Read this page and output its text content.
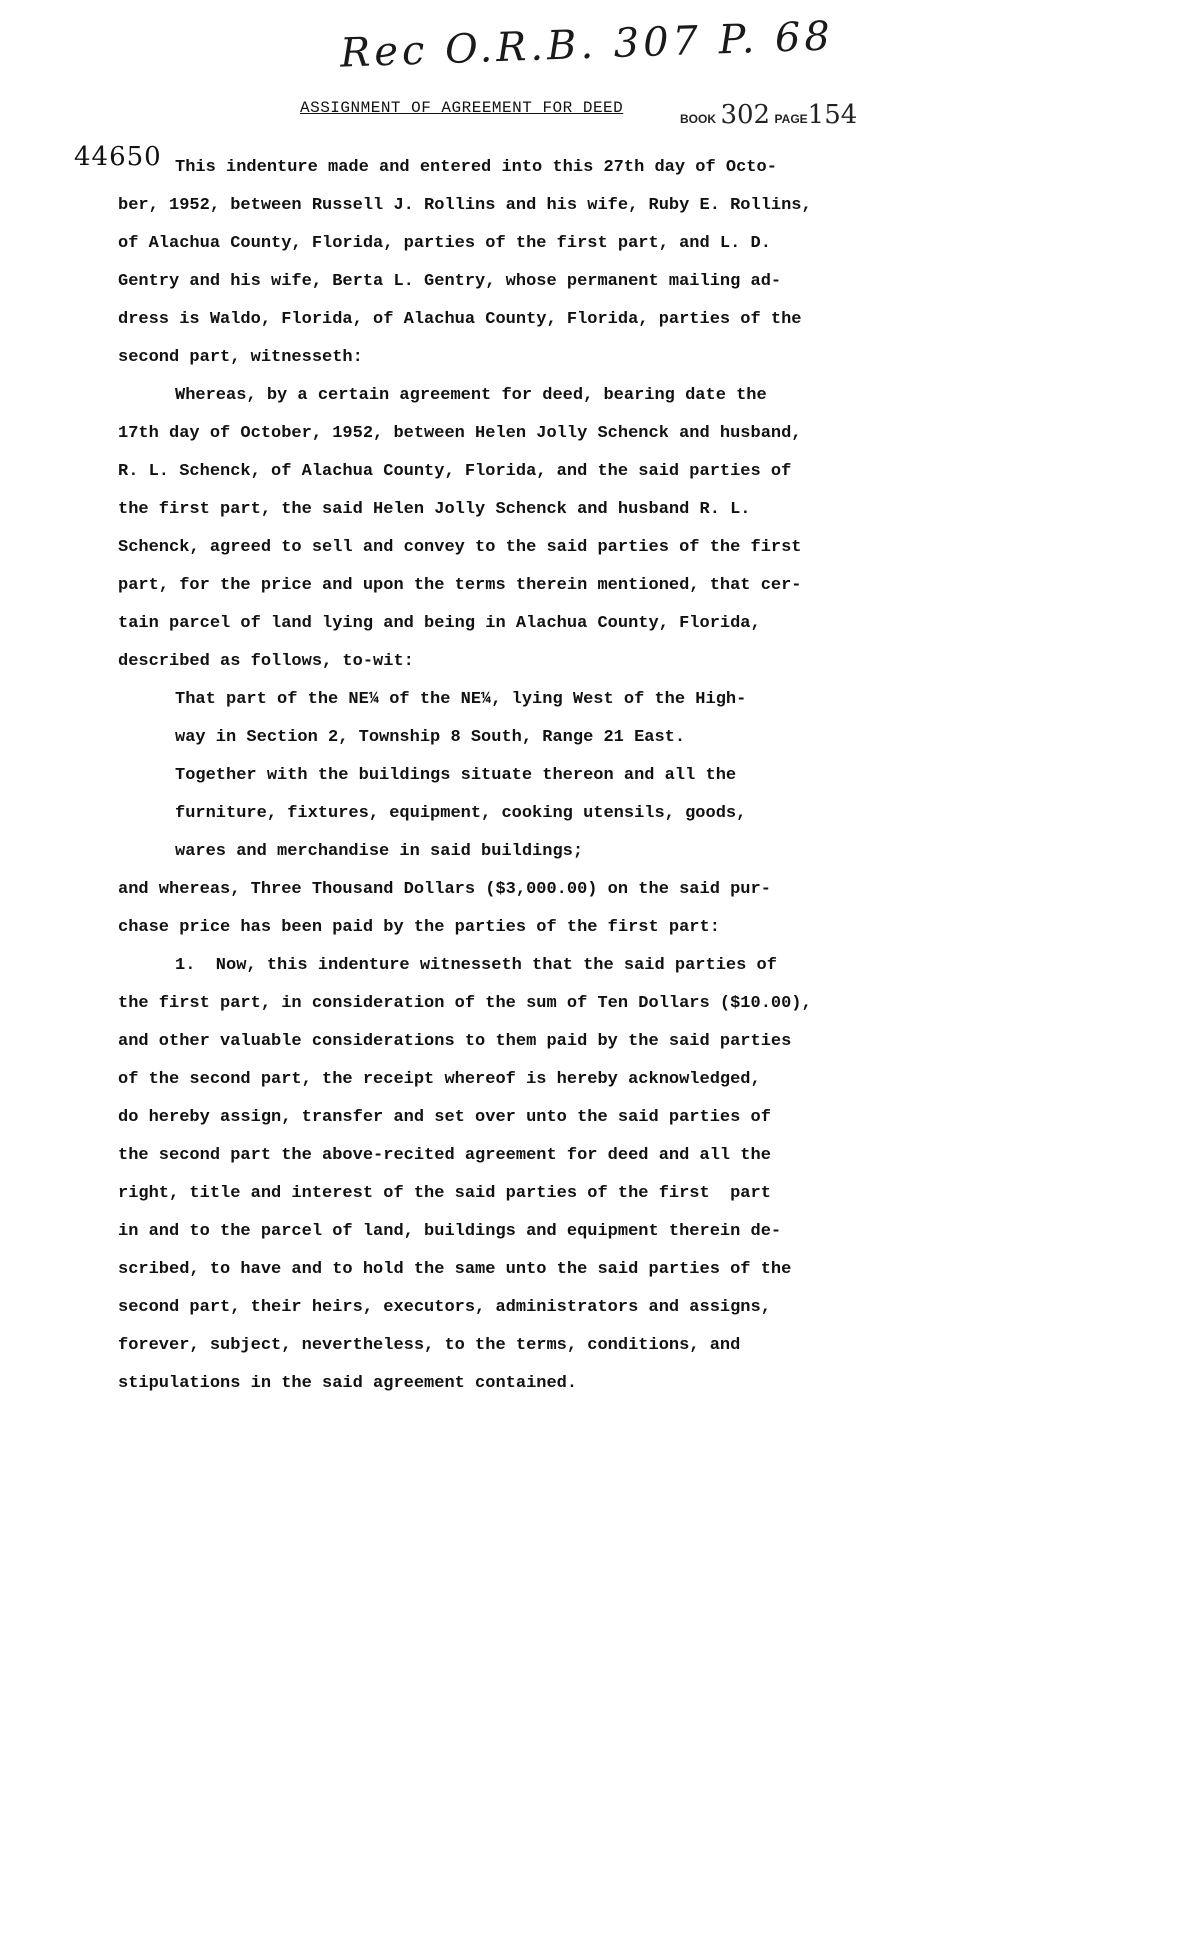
Rec O.R.B. 307 P. 68
ASSIGNMENT OF AGREEMENT FOR DEED
BOOK 302 PAGE154
44650 This indenture made and entered into this 27th day of Octo-
ber, 1952, between Russell J. Rollins and his wife, Ruby E. Rollins,
of Alachua County, Florida, parties of the first part, and L. D.
Gentry and his wife, Berta L. Gentry, whose permanent mailing ad-
dress is Waldo, Florida, of Alachua County, Florida, parties of the
second part, witnesseth:
Whereas, by a certain agreement for deed, bearing date the
17th day of October, 1952, between Helen Jolly Schenck and husband,
R. L. Schenck, of Alachua County, Florida, and the said parties of
the first part, the said Helen Jolly Schenck and husband R. L.
Schenck, agreed to sell and convey to the said parties of the first
part, for the price and upon the terms therein mentioned, that cer-
tain parcel of land lying and being in Alachua County, Florida,
described as follows, to-wit:
That part of the NE¼ of the NE¼, lying West of the High-
way in Section 2, Township 8 South, Range 21 East.
Together with the buildings situate thereon and all the
furniture, fixtures, equipment, cooking utensils, goods,
wares and merchandise in said buildings;
and whereas, Three Thousand Dollars ($3,000.00) on the said pur-
chase price has been paid by the parties of the first part:
1.  Now, this indenture witnesseth that the said parties of
the first part, in consideration of the sum of Ten Dollars ($10.00),
and other valuable considerations to them paid by the said parties
of the second part, the receipt whereof is hereby acknowledged,
do hereby assign, transfer and set over unto the said parties of
the second part the above-recited agreement for deed and all the
right, title and interest of the said parties of the first  part
in and to the parcel of land, buildings and equipment therein de-
scribed, to have and to hold the same unto the said parties of the
second part, their heirs, executors, administrators and assigns,
forever, subject, nevertheless, to the terms, conditions, and
stipulations in the said agreement contained.
